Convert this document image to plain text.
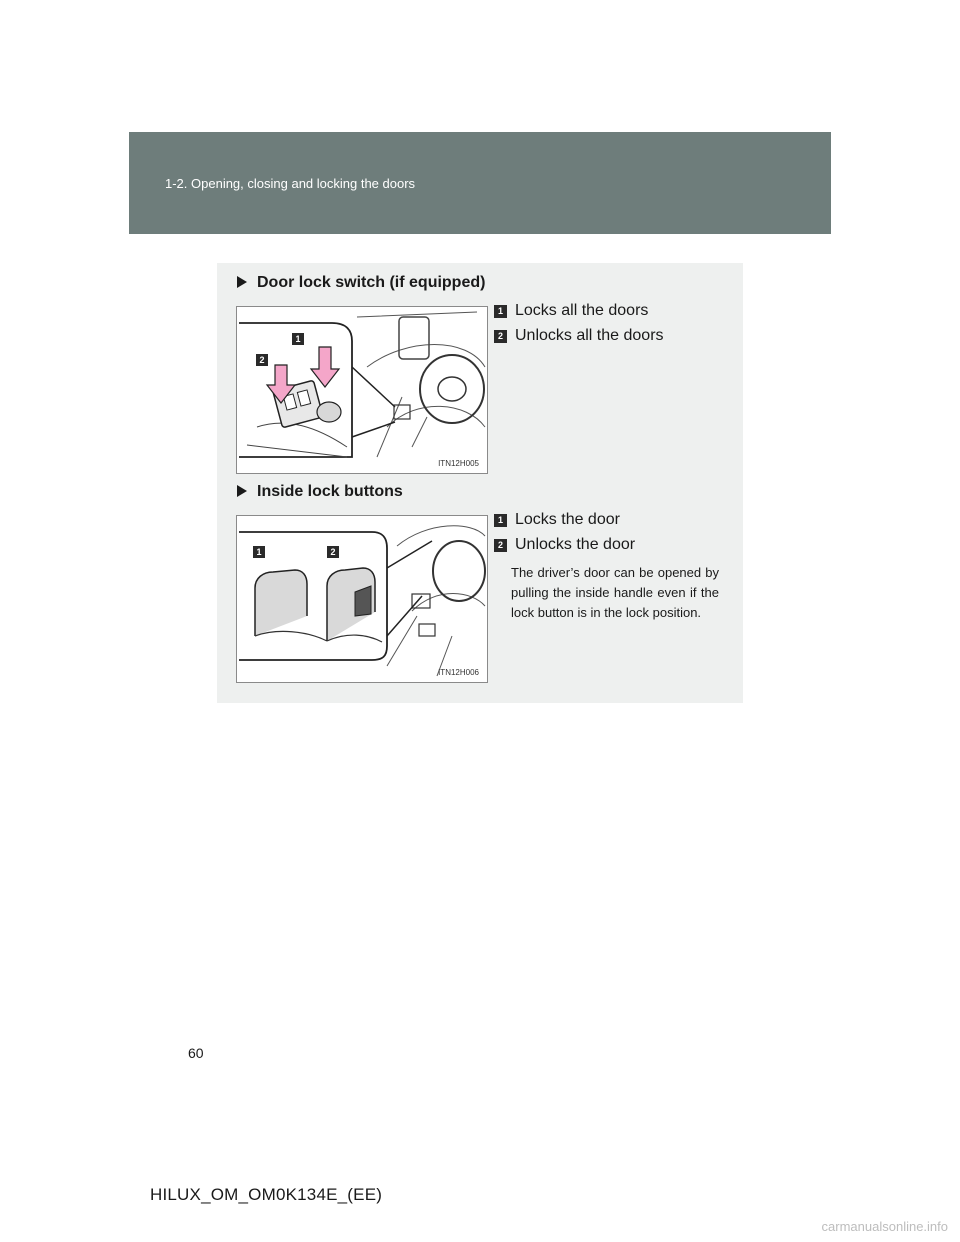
1-2. Opening, closing and locking the doors
Door lock switch (if equipped)
1
2
ITN12H005
1 Locks all the doors
2 Unlocks all the doors
Inside lock buttons
1	2
ITN12H006
1 Locks the door
2 Unlocks the door
The driver’s door can be opened by pulling the inside handle even if the lock button is in the lock position.
60
HILUX_OM_OM0K134E_(EE)
carmanualsonline.info
